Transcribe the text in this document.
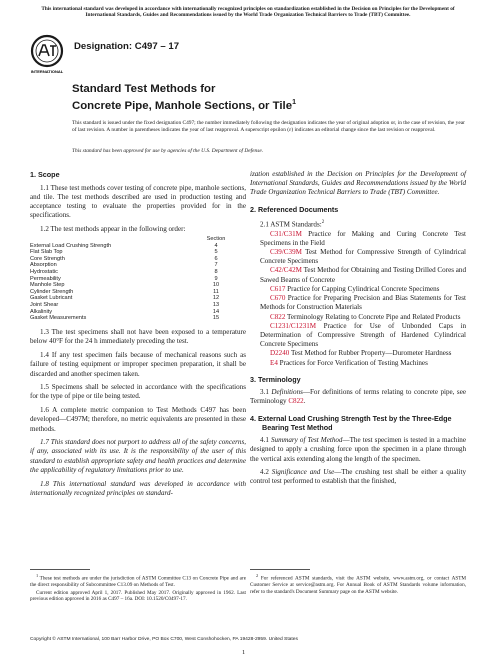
This international standard was developed in accordance with internationally recognized principles on standardization established in the Decision on Principles for the Development of International Standards, Guides and Recommendations issued by the World Trade Organization Technical Barriers to Trade (TBT) Committee.
INTERNATIONAL
Designation: C497 – 17
Standard Test Methods for
Concrete Pipe, Manhole Sections, or Tile$^1$
This standard is issued under the fixed designation C497; the number immediately following the designation indicates the year of original adoption or, in the case of revision, the year of last revision. A number in parentheses indicates the year of last reapproval. A superscript epsilon (ε) indicates an editorial change since the last revision or reapproval.
This standard has been approved for use by agencies of the U.S. Department of Defense.
1. Scope

1.1 These test methods cover testing of concrete pipe, manhole sections, and tile. The test methods described are used in production testing and acceptance testing to evaluate the properties provided for in the specifications.

1.2 The test methods appear in the following order:

Section
External Load Crushing Strength	4
Flat Slab Top	5
Core Strength	6
Absorption	7
Hydrostatic	8
Permeability	9
Manhole Step	10
Cylinder Strength	11
Gasket Lubricant	12
Joint Shear	13
Alkalinity	14
Gasket Measurements	15

1.3 The test specimens shall not have been exposed to a temperature below 40°F for the 24 h immediately preceding the test.

1.4 If any test specimen fails because of mechanical reasons such as failure of testing equipment or improper specimen preparation, it shall be discarded and another specimen taken.

1.5 Specimens shall be selected in accordance with the specifications for the type of pipe or tile being tested.

1.6 A complete metric companion to Test Methods C497 has been developed—C497M; therefore, no metric equivalents are presented in these methods.

1.7 This standard does not purport to address all of the safety concerns, if any, associated with its use. It is the responsibility of the user of this standard to establish appropriate safety and health practices and determine the applicability of regulatory limitations prior to use.

1.8 This international standard was developed in accordance with internationally recognized principles on standard-

ization established in the Decision on Principles for the Development of International Standards, Guides and Recommendations issued by the World Trade Organization Technical Barriers to Trade (TBT) Committee.

2. Referenced Documents

2.1 ASTM Standards:$^2$

C31/C31M Practice for Making and Curing Concrete Test Specimens in the Field

C39/C39M Test Method for Compressive Strength of Cylindrical Concrete Specimens

C42/C42M Test Method for Obtaining and Testing Drilled Cores and Sawed Beams of Concrete

C617 Practice for Capping Cylindrical Concrete Specimens

C670 Practice for Preparing Precision and Bias Statements for Test Methods for Construction Materials

C822 Terminology Relating to Concrete Pipe and Related Products

C1231/C1231M Practice for Use of Unbonded Caps in Determination of Compressive Strength of Hardened Cylindrical Concrete Specimens

D2240 Test Method for Rubber Property—Durometer Hardness

E4 Practices for Force Verification of Testing Machines

3. Terminology

3.1 Definitions—For definitions of terms relating to concrete pipe, see Terminology C822.

4. External Load Crushing Strength Test by the Three-Edge Bearing Test Method

4.1 Summary of Test Method—The test specimen is tested in a machine designed to apply a crushing force upon the specimen in a plane through the vertical axis extending along the length of the specimen.

4.2 Significance and Use—The crushing test shall be either a quality control test performed to establish that the finished,

$^1$ These test methods are under the jurisdiction of ASTM Committee C13 on Concrete Pipe and are the direct responsibility of Subcommittee C13.09 on Methods of Test.

Current edition approved April 1, 2017. Published May 2017. Originally approved in 1962. Last previous edition approved in 2016 as C497 – 16a. DOI: 10.1520/C0497-17.

$^2$ For referenced ASTM standards, visit the ASTM website, www.astm.org, or contact ASTM Customer Service at service@astm.org. For Annual Book of ASTM Standards volume information, refer to the standard's Document Summary page on the ASTM website.

Copyright © ASTM International, 100 Barr Harbor Drive, PO Box C700, West Conshohocken, PA 19428-2959. United States
1
